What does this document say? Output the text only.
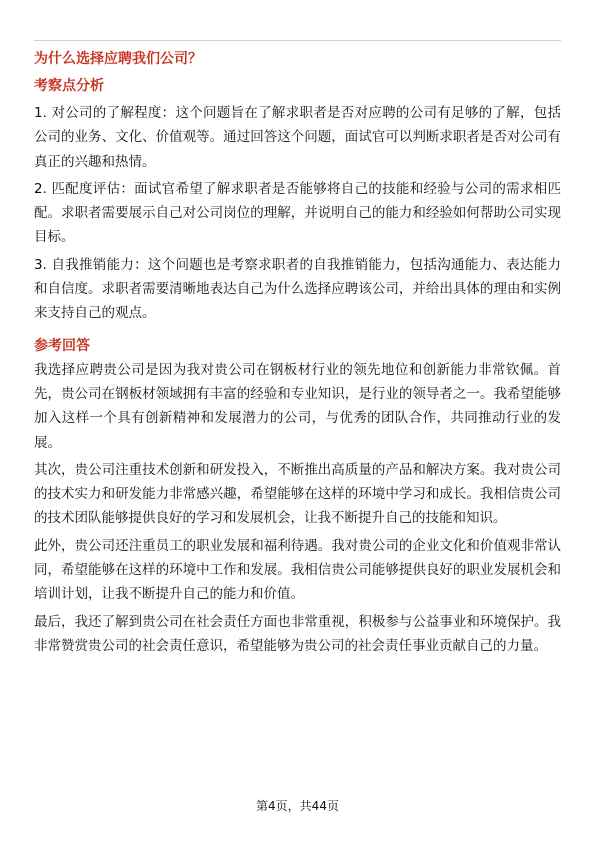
为什么选择应聘我们公司？

考察点分析

1. 对公司的了解程度：这个问题旨在了解求职者是否对应聘的公司有足够的了解，包括公司的业务、文化、价值观等。通过回答这个问题，面试官可以判断求职者是否对公司有真正的兴趣和热情。

2. 匹配度评估：面试官希望了解求职者是否能够将自己的技能和经验与公司的需求相匹配。求职者需要展示自己对公司岗位的理解，并说明自己的能力和经验如何帮助公司实现目标。

3. 自我推销能力：这个问题也是考察求职者的自我推销能力，包括沟通能力、表达能力和自信度。求职者需要清晰地表达自己为什么选择应聘该公司，并给出具体的理由和实例来支持自己的观点。

参考回答

我选择应聘贵公司是因为我对贵公司在钢板材行业的领先地位和创新能力非常钦佩。首先，贵公司在钢板材领域拥有丰富的经验和专业知识，是行业的领导者之一。我希望能够加入这样一个具有创新精神和发展潜力的公司，与优秀的团队合作，共同推动行业的发展。

其次，贵公司注重技术创新和研发投入，不断推出高质量的产品和解决方案。我对贵公司的技术实力和研发能力非常感兴趣，希望能够在这样的环境中学习和成长。我相信贵公司的技术团队能够提供良好的学习和发展机会，让我不断提升自己的技能和知识。

此外，贵公司还注重员工的职业发展和福利待遇。我对贵公司的企业文化和价值观非常认同，希望能够在这样的环境中工作和发展。我相信贵公司能够提供良好的职业发展机会和培训计划，让我不断提升自己的能力和价值。

最后，我还了解到贵公司在社会责任方面也非常重视，积极参与公益事业和环境保护。我非常赞赏贵公司的社会责任意识，希望能够为贵公司的社会责任事业贡献自己的力量。

第4页，共44页
